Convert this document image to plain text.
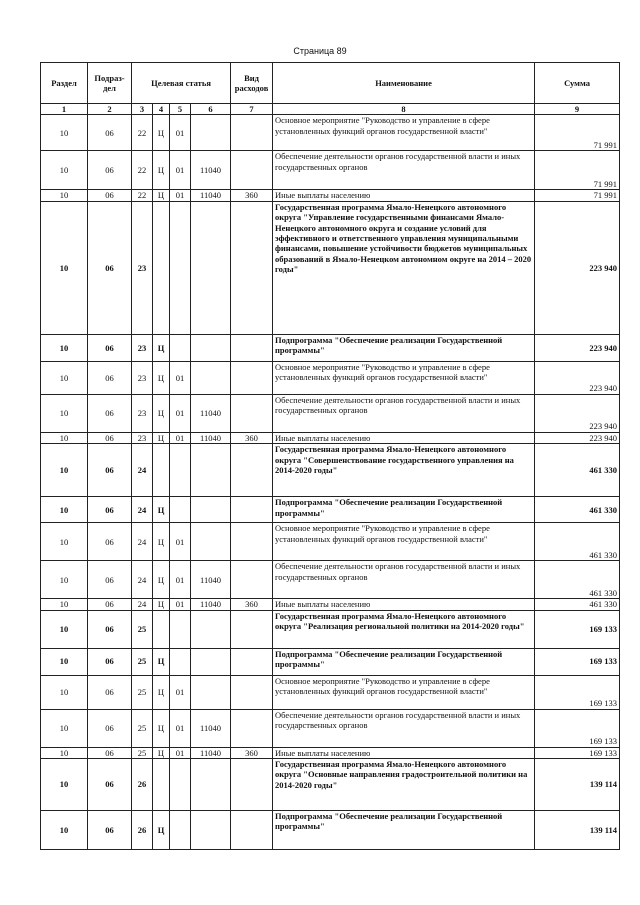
Страница 89
Раздел	Подраз-дел	Целевая статья				Вид расходов	Наименование	Сумма
1	2	3	4	5	6	7	8	9
10	06	22	Ц	01			Основное мероприятие "Руководство и управление в сфере установленных функций органов государственной власти"	71 991
10	06	22	Ц	01	11040		Обеспечение деятельности органов государственной власти и иных государственных органов	71 991
10	06	22	Ц	01	11040	360	Иные выплаты населению	71 991
10	06	23					Государственная программа Ямало-Ненецкого автономного округа "Управление государственными финансами Ямало-Ненецкого автономного округа и создание условий для эффективного и ответственного управления муниципальными финансами, повышение устойчивости бюджетов муниципальных образований в Ямало-Ненецком автономном округе на 2014 – 2020 годы"	223 940
10	06	23	Ц				Подпрограмма "Обеспечение реализации Государственной программы"	223 940
10	06	23	Ц	01			Основное мероприятие "Руководство и управление в сфере установленных функций органов государственной власти"	223 940
10	06	23	Ц	01	11040		Обеспечение деятельности органов государственной власти и иных государственных органов	223 940
10	06	23	Ц	01	11040	360	Иные выплаты населению	223 940
10	06	24					Государственная программа Ямало-Ненецкого автономного округа "Совершенствование государственного управления на 2014-2020 годы"	461 330
10	06	24	Ц				Подпрограмма "Обеспечение реализации Государственной программы"	461 330
10	06	24	Ц	01			Основное мероприятие "Руководство и управление в сфере установленных функций органов государственной власти"	461 330
10	06	24	Ц	01	11040		Обеспечение деятельности органов государственной власти и иных государственных органов	461 330
10	06	24	Ц	01	11040	360	Иные выплаты населению	461 330
10	06	25					Государственная программа Ямало-Ненецкого автономного округа "Реализация региональной политики на 2014-2020 годы"	169 133
10	06	25	Ц				Подпрограмма "Обеспечение реализации Государственной программы"	169 133
10	06	25	Ц	01			Основное мероприятие "Руководство и управление в сфере установленных функций органов государственной власти"	169 133
10	06	25	Ц	01	11040		Обеспечение деятельности органов государственной власти и иных государственных органов	169 133
10	06	25	Ц	01	11040	360	Иные выплаты населению	169 133
10	06	26					Государственная программа Ямало-Ненецкого автономного округа "Основные направления градостроительной политики на 2014-2020 годы"	139 114
10	06	26	Ц				Подпрограмма "Обеспечение реализации Государственной программы"	139 114
